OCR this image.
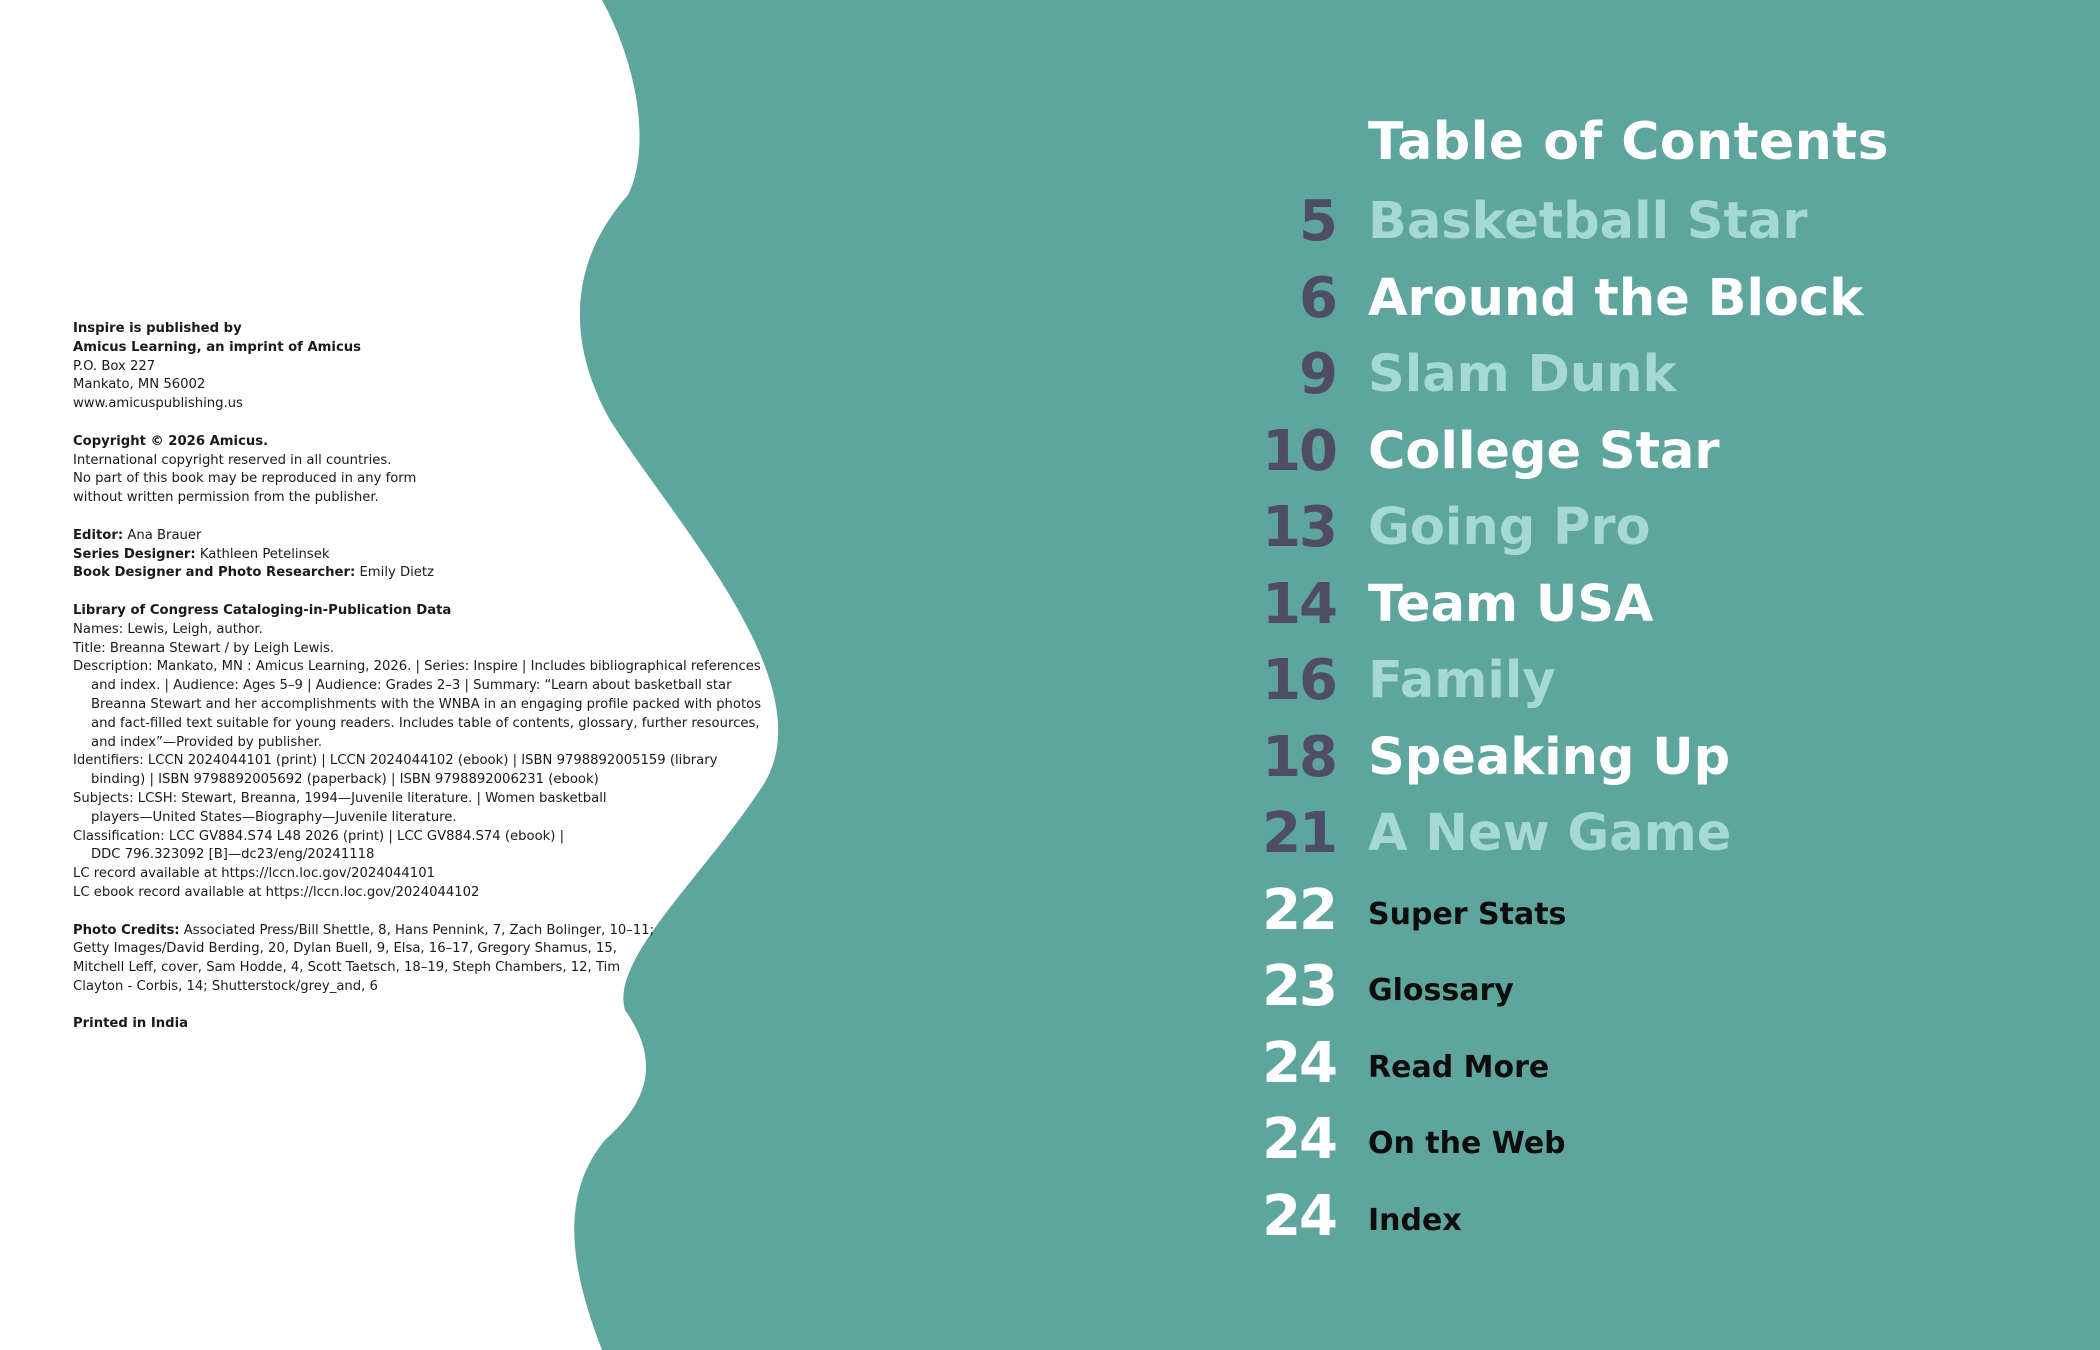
Inspire is published by
Amicus Learning, an imprint of Amicus
P.O. Box 227
Mankato, MN 56002
www.amicuspublishing.us

Copyright © 2026 Amicus.
International copyright reserved in all countries.
No part of this book may be reproduced in any form
without written permission from the publisher.

Editor: Ana Brauer
Series Designer: Kathleen Petelinsek
Book Designer and Photo Researcher: Emily Dietz

Library of Congress Cataloging-in-Publication Data
Names: Lewis, Leigh, author.
Title: Breanna Stewart / by Leigh Lewis.
Description: Mankato, MN : Amicus Learning, 2026. | Series: Inspire | Includes bibliographical references
and index. | Audience: Ages 5–9 | Audience: Grades 2–3 | Summary: “Learn about basketball star
Breanna Stewart and her accomplishments with the WNBA in an engaging profile packed with photos
and fact-filled text suitable for young readers. Includes table of contents, glossary, further resources,
and index”—Provided by publisher.
Identifiers: LCCN 2024044101 (print) | LCCN 2024044102 (ebook) | ISBN 9798892005159 (library
binding) | ISBN 9798892005692 (paperback) | ISBN 9798892006231 (ebook)
Subjects: LCSH: Stewart, Breanna, 1994—Juvenile literature. | Women basketball
players—United States—Biography—Juvenile literature.
Classification: LCC GV884.S74 L48 2026 (print) | LCC GV884.S74 (ebook) |
DDC 796.323092 [B]—dc23/eng/20241118
LC record available at https://lccn.loc.gov/2024044101
LC ebook record available at https://lccn.loc.gov/2024044102

Photo Credits: Associated Press/Bill Shettle, 8, Hans Pennink, 7, Zach Bolinger, 10–11;
Getty Images/David Berding, 20, Dylan Buell, 9, Elsa, 16–17, Gregory Shamus, 15,
Mitchell Leff, cover, Sam Hodde, 4, Scott Taetsch, 18–19, Steph Chambers, 12, Tim
Clayton - Corbis, 14; Shutterstock/grey_and, 6

Printed in India

Table of Contents
5 Basketball Star
6 Around the Block
9 Slam Dunk
10 College Star
13 Going Pro
14 Team USA
16 Family
18 Speaking Up
21 A New Game
22 Super Stats
23 Glossary
24 Read More
24 On the Web
24 Index
